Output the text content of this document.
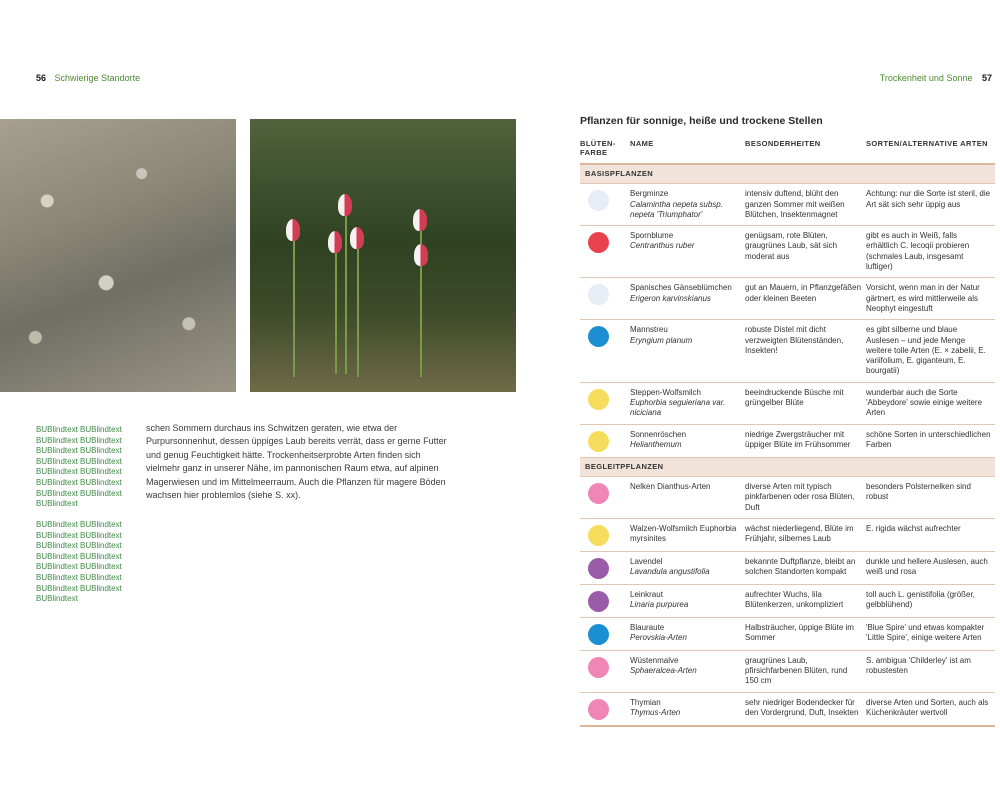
56 Schwierige Standorte	Trockenheit und Sonne 57
BUBlindtext BUBlindtext BUBlindtext BUBlindtext BUBlindtext BUBlindtext BUBlindtext BUBlindtext BUBlindtext BUBlindtext BUBlindtext BUBlindtext BUBlindtext BUBlindtext BUBlindtext
BUBlindtext BUBlindtext BUBlindtext BUBlindtext BUBlindtext BUBlindtext BUBlindtext BUBlindtext BUBlindtext BUBlindtext BUBlindtext BUBlindtext BUBlindtext BUBlindtext BUBlindtext
schen Sommern durchaus ins Schwitzen geraten, wie etwa der Purpursonnenhut, dessen üppiges Laub bereits verrät, dass er gerne Futter und genug Feuchtigkeit hätte. Trockenheitserprobte Arten finden sich vielmehr ganz in unserer Nähe, im pannonischen Raum etwa, auf alpinen Magerwiesen und im Mittelmeerraum. Auch die Pflanzen für magere Böden wachsen hier problemlos (siehe S. xx).
Pflanzen für sonnige, heiße und trockene Stellen
BLÜTEN-FARBE	NAME	BESONDERHEITEN	SORTEN/ALTERNATIVE ARTEN
BASISPFLANZEN			

	Bergminze
Calamintha nepeta subsp. nepeta 'Triumphator'	intensiv duftend, blüht den ganzen Sommer mit weißen Blütchen, Insektenmagnet	Achtung: nur die Sorte ist steril, die Art sät sich sehr üppig aus

	Spornblume
Centranthus ruber	genügsam, rote Blüten, graugrünes Laub, sät sich moderat aus	gibt es auch in Weiß, falls erhältlich C. lecoqii probieren (schmales Laub, insgesamt luftiger)

	Spanisches Gänseblümchen
Erigeron karvinskianus	gut an Mauern, in Pflanzgefäßen oder kleinen Beeten	Vorsicht, wenn man in der Natur gärtnert, es wird mittlerweile als Neophyt eingestuft

	Mannstreu
Eryngium planum	robuste Distel mit dicht verzweigten Blütenständen, Insekten!	es gibt silberne und blaue Auslesen – und jede Menge weitere tolle Arten (E. × zabelii, E. variifolium, E. giganteum, E. bourgatii)

	Steppen-Wolfsmilch
Euphorbia seguieriana var. niciciana	beeindruckende Büsche mit grüngelber Blüte	wunderbar auch die Sorte 'Abbeydore' sowie einige weitere Arten

	Sonnenröschen
Helianthemum	niedrige Zwergsträucher mit üppiger Blüte im Frühsommer	schöne Sorten in unterschiedlichen Farben
BEGLEITPFLANZEN			

	Nelken Dianthus-Arten	diverse Arten mit typisch pinkfarbenen oder rosa Blüten, Duft	besonders Polsternelken sind robust

	Walzen-Wolfsmilch Euphorbia myrsinites	wächst niederliegend, Blüte im Frühjahr, silbernes Laub	E. rigida wächst aufrechter

	Lavendel
Lavandula angustifolia	bekannte Duftpflanze, bleibt an solchen Standorten kompakt	dunkle und hellere Auslesen, auch weiß und rosa

	Leinkraut
Linaria purpurea	aufrechter Wuchs, lila Blütenkerzen, unkompliziert	toll auch L. genistifolia (größer, gelbblühend)

	Blauraute
Perovskia-Arten	Halbsträucher, üppige Blüte im Sommer	'Blue Spire' und etwas kompakter 'Little Spire', einige weitere Arten

	Wüstenmalve
Sphaeralcea-Arten	graugrünes Laub, pfirsichfarbenen Blüten, rund 150 cm	S. ambigua 'Childerley' ist am robustesten

	Thymian
Thymus-Arten	sehr niedriger Bodendecker für den Vordergrund, Duft, Insekten	diverse Arten und Sorten, auch als Küchenkräuter wertvoll
